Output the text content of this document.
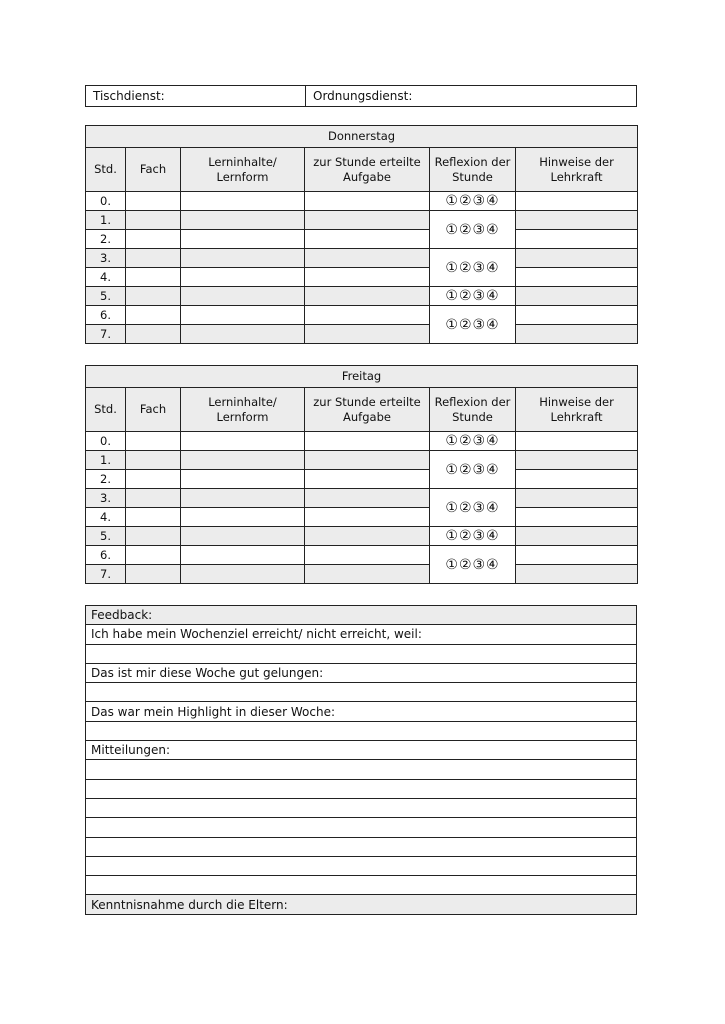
Tischdienst:	Ordnungsdienst:
Donnerstag					
Std.	Fach	Lerninhalte/ Lernform	zur Stunde erteilte Aufgabe	Reflexion der Stunde	Hinweise der Lehrkraft
0.				①②③④	
1.				①②③④	
2.					
3.				①②③④	
4.					
5.				①②③④	
6.				①②③④	
7.					
Freitag					
Std.	Fach	Lerninhalte/ Lernform	zur Stunde erteilte Aufgabe	Reflexion der Stunde	Hinweise der Lehrkraft
0.				①②③④	
1.				①②③④	
2.					
3.				①②③④	
4.					
5.				①②③④	
6.				①②③④	
7.					
Feedback:
Ich habe mein Wochenziel erreicht/ nicht erreicht, weil:
Das ist mir diese Woche gut gelungen:
Das war mein Highlight in dieser Woche:
Mitteilungen:
Kenntnisnahme durch die Eltern:
